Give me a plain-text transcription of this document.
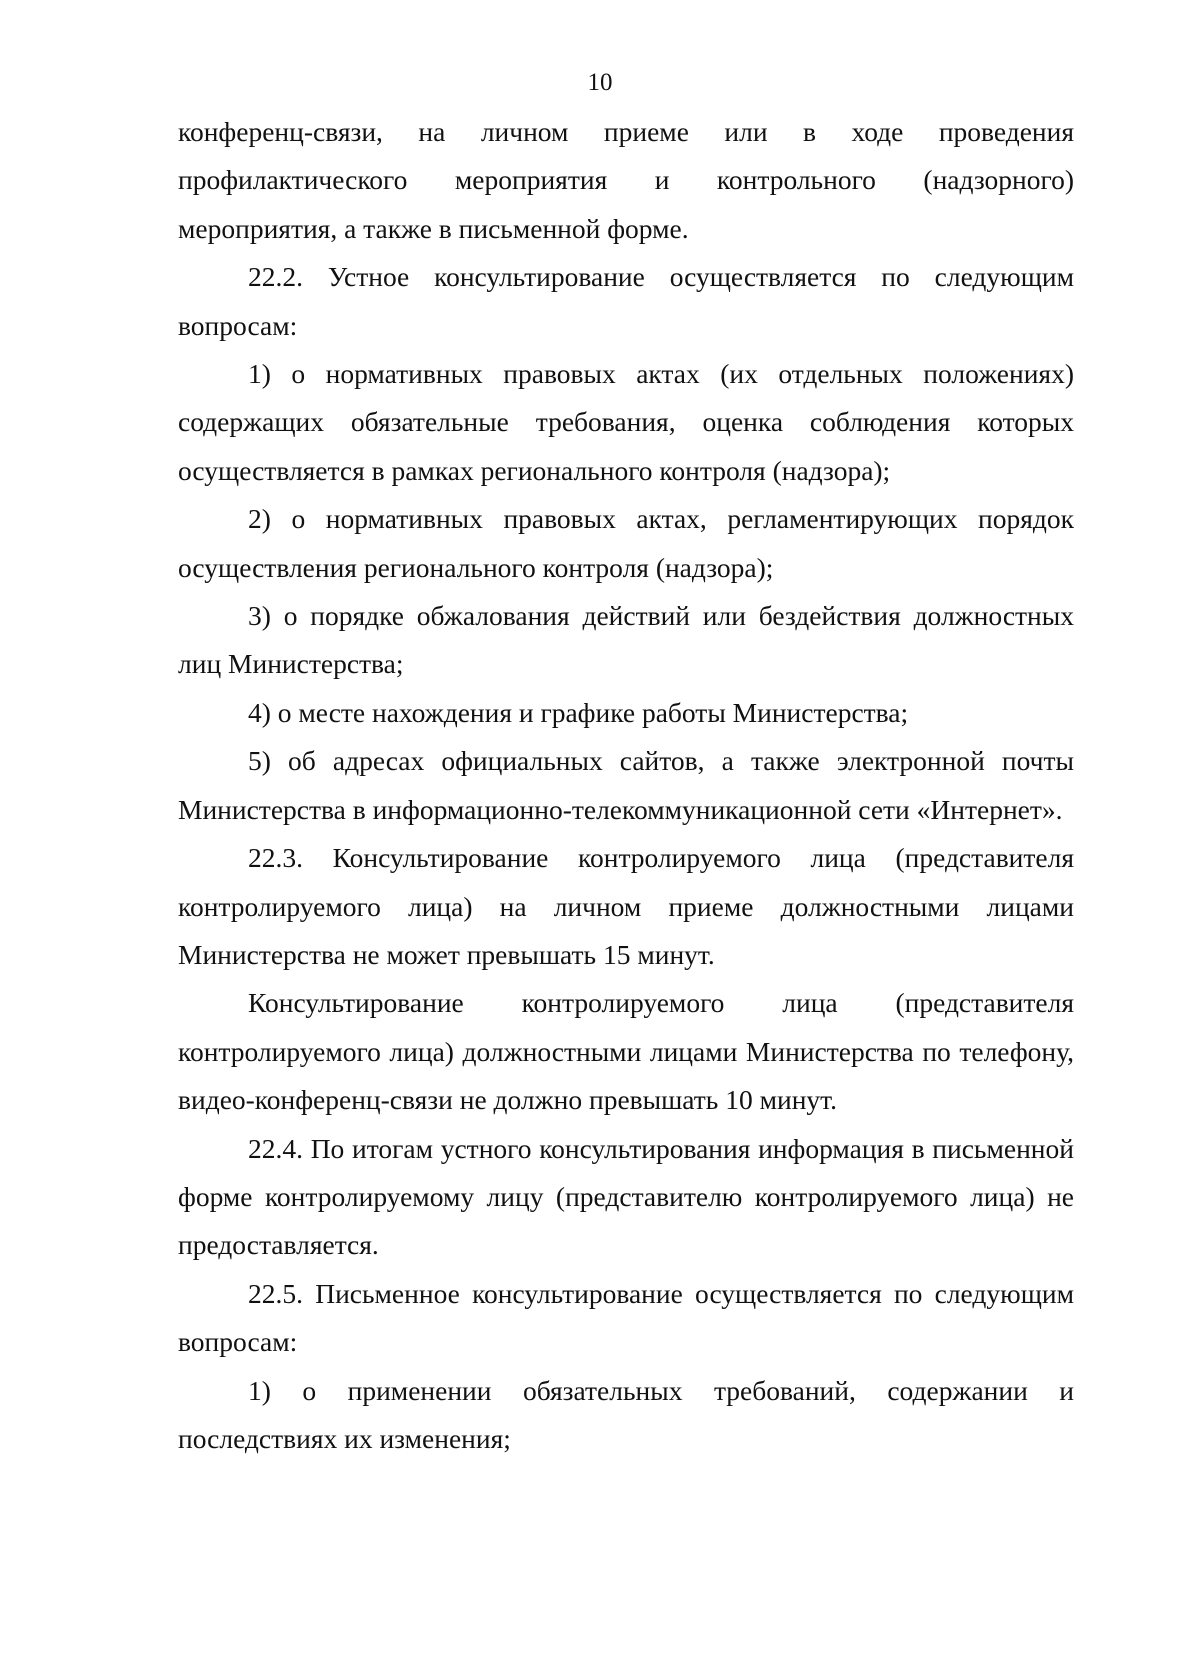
10

конференц-связи, на личном приеме или в ходе проведения профилактического мероприятия и контрольного (надзорного) мероприятия, а также в письменной форме.

22.2. Устное консультирование осуществляется по следующим вопросам:

1) о нормативных правовых актах (их отдельных положениях) содержащих обязательные требования, оценка соблюдения которых осуществляется в рамках регионального контроля (надзора);

2) о нормативных правовых актах, регламентирующих порядок осуществления регионального контроля (надзора);

3) о порядке обжалования действий или бездействия должностных лиц Министерства;

4) о месте нахождения и графике работы Министерства;

5) об адресах официальных сайтов, а также электронной почты Министерства в информационно-телекоммуникационной сети «Интернет».

22.3. Консультирование контролируемого лица (представителя контролируемого лица) на личном приеме должностными лицами Министерства не может превышать 15 минут.

Консультирование контролируемого лица (представителя контролируемого лица) должностными лицами Министерства по телефону, видео-конференц-связи не должно превышать 10 минут.

22.4. По итогам устного консультирования информация в письменной форме контролируемому лицу (представителю контролируемого лица) не предоставляется.

22.5. Письменное консультирование осуществляется по следующим вопросам:

1) о применении обязательных требований, содержании и последствиях их изменения;
